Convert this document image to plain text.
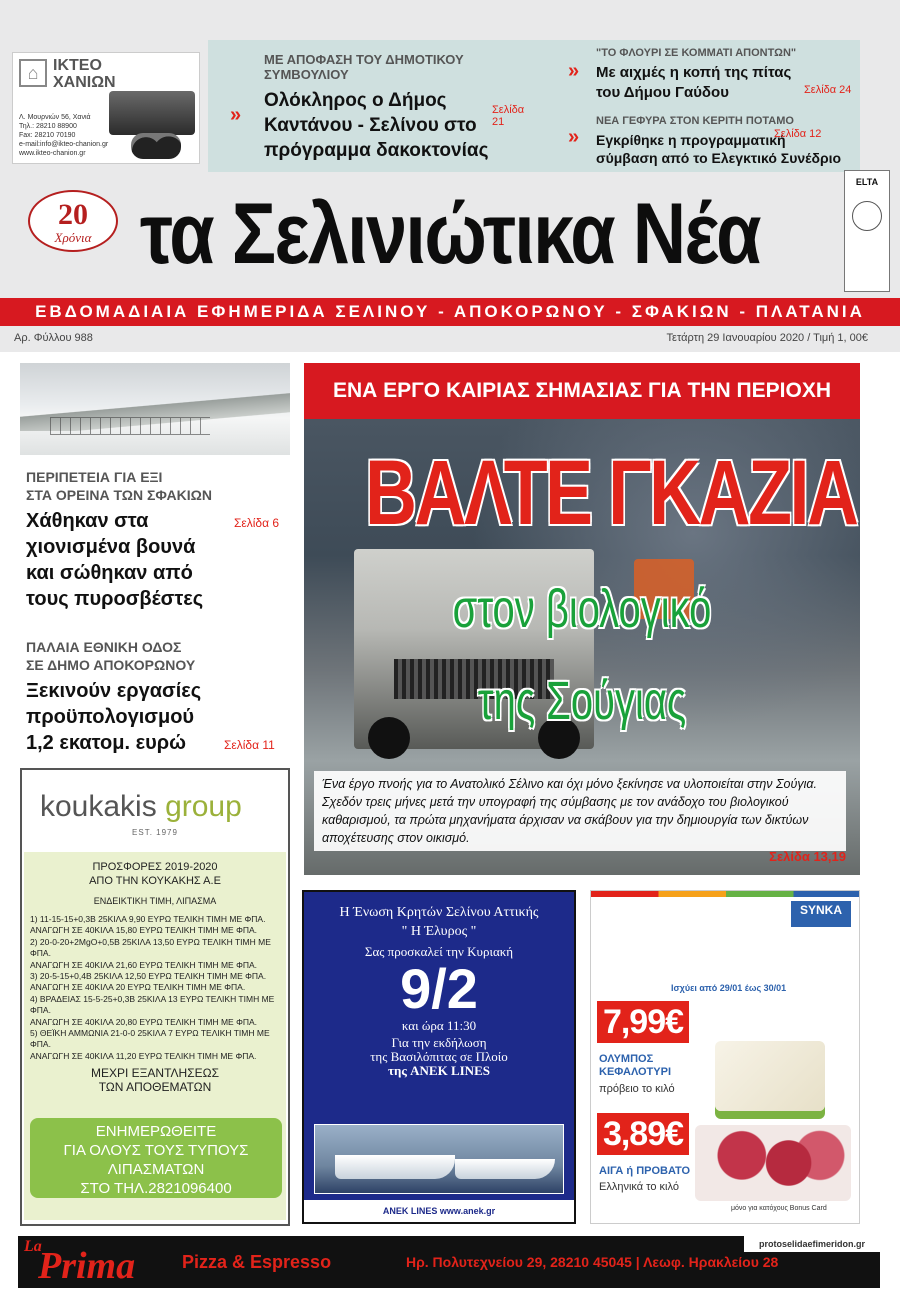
⌂ ΙΚΤΕΟ
ΧΑΝΙΩΝ
Λ. Μουρνιών 56, Χανιά
Τηλ.: 28210 88900
Fax: 28210 70190
e-mail:info@ikteo-chanion.gr
www.ikteo-chanion.gr
ΜΕ ΑΠΟΦΑΣΗ ΤΟΥ ΔΗΜΟΤΙΚΟΥ ΣΥΜΒΟΥΛΙΟΥ
»	Σελίδα 21
Ολόκληρος ο Δήμος
Καντάνου - Σελίνου στο
πρόγραμμα δακοκτονίας
"ΤΟ ΦΛΟΥΡΙ ΣΕ ΚΟΜΜΑΤΙ ΑΠΟΝΤΩΝ"
» Με αιχμές η κοπή της πίτας
του Δήμου Γαύδου	Σελίδα 24
ΝΕΑ ΓΕΦΥΡΑ ΣΤΟΝ ΚΕΡΙΤΗ ΠΟΤΑΜΟ
»	Σελίδα 12
Εγκρίθηκε η προγραμματική
σύμβαση από το Ελεγκτικό Συνέδριο
20
Χρόνια τα Σελινιώτικα Νέα
ELTA
ΕΒΔΟΜΑΔΙΑΙΑ ΕΦΗΜΕΡΙΔΑ ΣΕΛΙΝΟΥ - ΑΠΟΚΟΡΩΝΟΥ - ΣΦΑΚΙΩΝ - ΠΛΑΤΑΝΙΑ
Αρ. Φύλλου 988	Τετάρτη 29 Ιανουαρίου 2020 / Τιμή 1, 00€
ΠΕΡΙΠΕΤΕΙΑ ΓΙΑ ΕΞΙ
ΣΤΑ ΟΡΕΙΝΑ ΤΩΝ ΣΦΑΚΙΩΝ
Σελίδα 6
Χάθηκαν στα
χιονισμένα βουνά
και σώθηκαν από
τους πυροσβέστες
ΠΑΛΑΙΑ ΕΘΝΙΚΗ ΟΔΟΣ
ΣΕ ΔΗΜΟ ΑΠΟΚΟΡΩΝΟΥ
Ξεκινούν εργασίες
προϋπολογισμού
1,2 εκατομ. ευρώ	Σελίδα 11
koukakis group
EST. 1979
ΠΡΟΣΦΟΡΕΣ 2019-2020
ΑΠΟ ΤΗΝ ΚΟΥΚΑΚΗΣ Α.Ε
ΕΝΔΕΙΚΤΙΚΗ ΤΙΜΗ, ΛΙΠΑΣΜΑ
1) 11-15-15+0,3B 25ΚΙΛΑ 9,90 ΕΥΡΩ ΤΕΛΙΚΗ ΤΙΜΗ ΜΕ ΦΠΑ.
ΑΝΑΓΩΓΗ ΣΕ 40ΚΙΛΑ 15,80 ΕΥΡΩ ΤΕΛΙΚΗ ΤΙΜΗ ΜΕ ΦΠΑ.
2) 20-0-20+2MgO+0,5B 25ΚΙΛΑ 13,50 ΕΥΡΩ ΤΕΛΙΚΗ ΤΙΜΗ ΜΕ ΦΠΑ.
ΑΝΑΓΩΓΗ ΣΕ 40ΚΙΛΑ 21,60 ΕΥΡΩ ΤΕΛΙΚΗ ΤΙΜΗ ΜΕ ΦΠΑ.
3) 20-5-15+0,4B 25ΚΙΛΑ 12,50 ΕΥΡΩ ΤΕΛΙΚΗ ΤΙΜΗ ΜΕ ΦΠΑ.
ΑΝΑΓΩΓΗ ΣΕ 40ΚΙΛΑ 20 ΕΥΡΩ ΤΕΛΙΚΗ ΤΙΜΗ ΜΕ ΦΠΑ.
4) ΒΡΑΔΕΙΑΣ 15-5-25+0,3B 25ΚΙΛΑ 13 ΕΥΡΩ ΤΕΛΙΚΗ ΤΙΜΗ ΜΕ ΦΠΑ.
ΑΝΑΓΩΓΗ ΣΕ 40ΚΙΛΑ 20,80 ΕΥΡΩ ΤΕΛΙΚΗ ΤΙΜΗ ΜΕ ΦΠΑ.
5) ΘΕΪΚΗ ΑΜΜΩΝΙΑ 21-0-0 25ΚΙΛΑ 7 ΕΥΡΩ ΤΕΛΙΚΗ ΤΙΜΗ ΜΕ ΦΠΑ.
ΑΝΑΓΩΓΗ ΣΕ 40ΚΙΛΑ 11,20 ΕΥΡΩ ΤΕΛΙΚΗ ΤΙΜΗ ΜΕ ΦΠΑ.
ΜΕΧΡΙ ΕΞΑΝΤΛΗΣΕΩΣ
ΤΩΝ ΑΠΟΘΕΜΑΤΩΝ
ΕΝΗΜΕΡΩΘΕΙΤΕ
ΓΙΑ ΟΛΟΥΣ ΤΟΥΣ ΤΥΠΟΥΣ
ΛΙΠΑΣΜΑΤΩΝ
ΣΤΟ ΤΗΛ.2821096400
ΕΝΑ ΕΡΓΟ ΚΑΙΡΙΑΣ ΣΗΜΑΣΙΑΣ ΓΙΑ ΤΗΝ ΠΕΡΙΟΧΗ
ΒΑΛΤΕ ΓΚΑΖΙΑ
στον βιολογικό
της Σούγιας
Ένα έργο πνοής για το Ανατολικό Σέλινο και όχι μόνο ξεκίνησε να υλοποιείται στην Σούγια. Σχεδόν τρεις μήνες μετά την υπογραφή της σύμβασης με τον ανάδοχο του βιολογικού καθαρισμού, τα πρώτα μηχανήματα άρχισαν να σκάβουν για την δημιουργία των δικτύων αποχέτευσης στον οικισμό.
Σελίδα 13,19
Η Ένωση Κρητών Σελίνου Αττικής
" Η Έλυρος "
Σας προσκαλεί την Κυριακή
9/2
και ώρα 11:30
Για την εκδήλωση
της Βασιλόπιτας σε Πλοίο
της ANEK LINES
ANEK LINES www.anek.gr
SYNKA
Ισχύει από 29/01 έως 30/01
7,99€
ΟΛΥΜΠΟΣ
ΚΕΦΑΛΟΤΥΡΙ
πρόβειο το κιλό
3,89€
ΑΙΓΑ ή ΠΡΟΒΑΤΟ
Ελληνικά το κιλό
μόνο για κατόχους Bonus Card
La
Prima	Pizza & Espresso	Ηρ. Πολυτεχνείου 29, 28210 45045 | Λεωφ. Ηρακλείου 28
protoselidaefimeridon.gr
